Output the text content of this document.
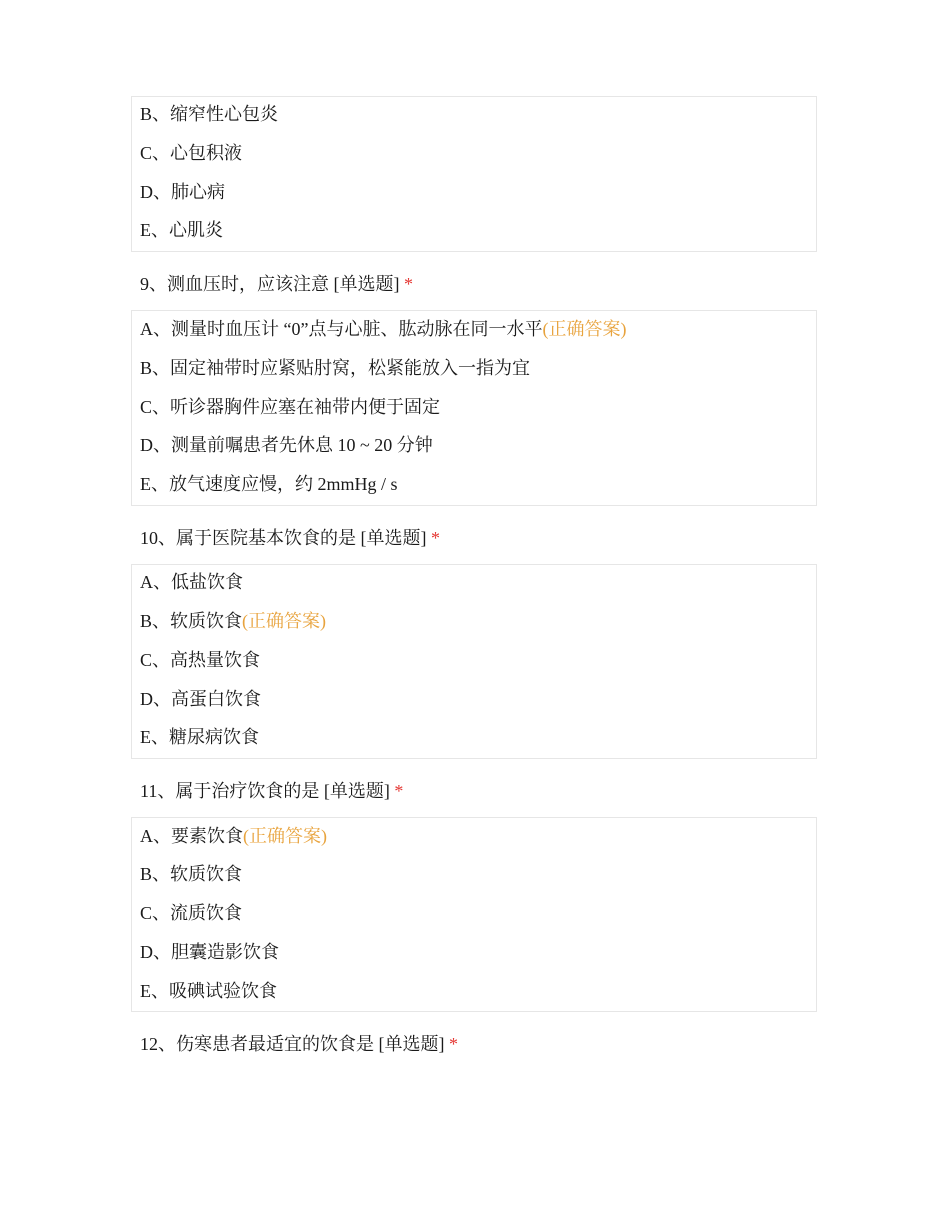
B、缩窄性心包炎
C、心包积液
D、肺心病
E、心肌炎
9、测血压时，应该注意 [单选题] *
A、测量时血压计 “0”点与心脏、肱动脉在同一水平(正确答案)
B、固定袖带时应紧贴肘窝，松紧能放入一指为宜
C、听诊器胸件应塞在袖带内便于固定
D、测量前嘱患者先休息 10 ~ 20 分钟
E、放气速度应慢，约 2mmHg / s
10、属于医院基本饮食的是 [单选题] *
A、低盐饮食
B、软质饮食(正确答案)
C、高热量饮食
D、高蛋白饮食
E、糖尿病饮食
11、属于治疗饮食的是 [单选题] *
A、要素饮食(正确答案)
B、软质饮食
C、流质饮食
D、胆囊造影饮食
E、吸碘试验饮食
12、伤寒患者最适宜的饮食是 [单选题] *
